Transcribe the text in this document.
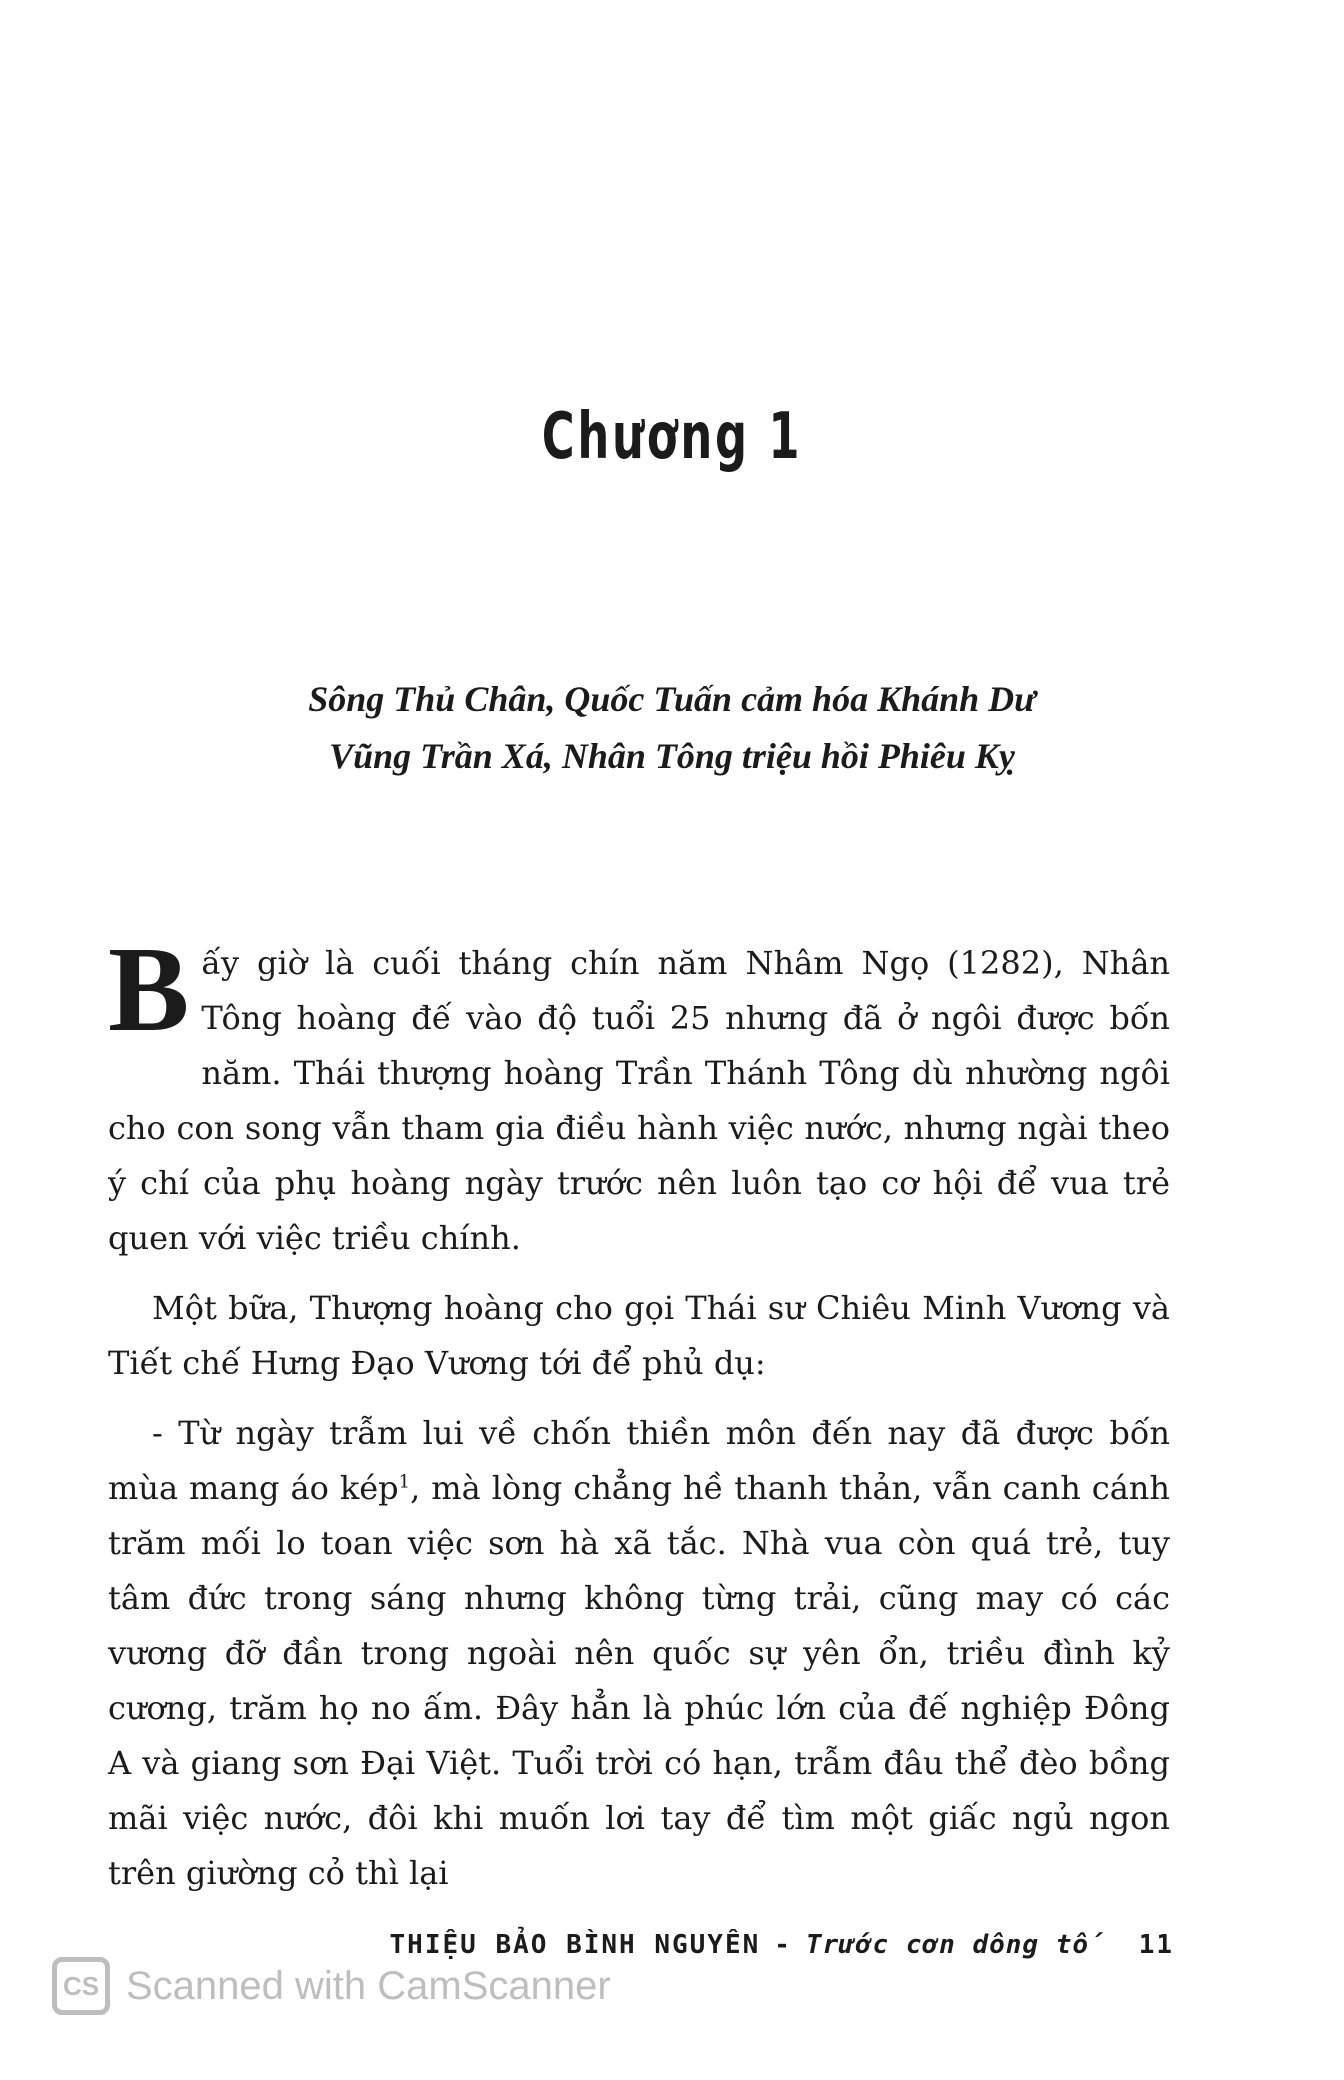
Chương 1
Sông Thủ Chân, Quốc Tuấn cảm hóa Khánh Dư
Vũng Trần Xá, Nhân Tông triệu hồi Phiêu Kỵ

Bấy giờ là cuối tháng chín năm Nhâm Ngọ (1282), Nhân Tông hoàng đế vào độ tuổi 25 nhưng đã ở ngôi được bốn năm. Thái thượng hoàng Trần Thánh Tông dù nhường ngôi cho con song vẫn tham gia điều hành việc nước, nhưng ngài theo ý chí của phụ hoàng ngày trước nên luôn tạo cơ hội để vua trẻ quen với việc triều chính.

Một bữa, Thượng hoàng cho gọi Thái sư Chiêu Minh Vương và Tiết chế Hưng Đạo Vương tới để phủ dụ:

- Từ ngày trẫm lui về chốn thiền môn đến nay đã được bốn mùa mang áo kép$^1$, mà lòng chẳng hề thanh thản, vẫn canh cánh trăm mối lo toan việc sơn hà xã tắc. Nhà vua còn quá trẻ, tuy tâm đức trong sáng nhưng không từng trải, cũng may có các vương đỡ đần trong ngoài nên quốc sự yên ổn, triều đình kỷ cương, trăm họ no ấm. Đây hẳn là phúc lớn của đế nghiệp Đông A và giang sơn Đại Việt. Tuổi trời có hạn, trẫm đâu thể đèo bồng mãi việc nước, đôi khi muốn lơi tay để tìm một giấc ngủ ngon trên giường cỏ thì lại

THIỆU BẢO BÌNH NGUYÊN - Trước cơn dông tố 11
CS Scanned with CamScanner
